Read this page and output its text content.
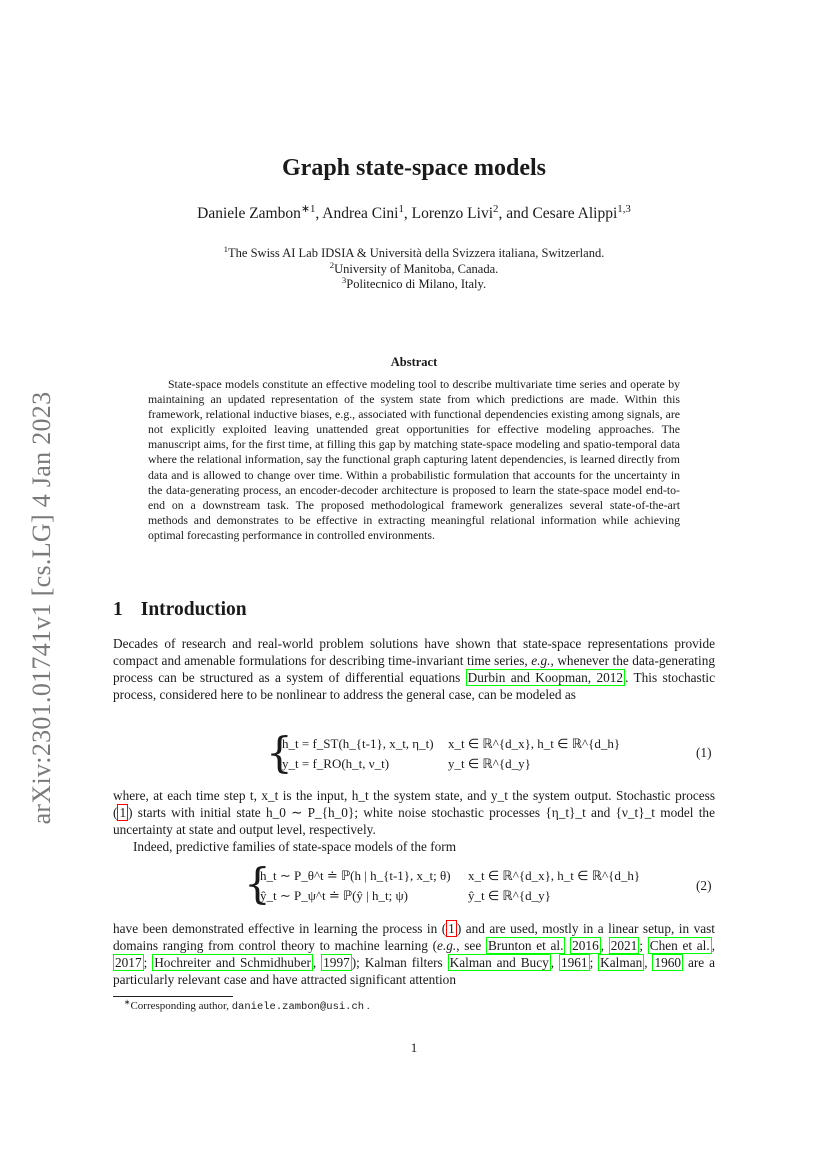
arXiv:2301.01741v1 [cs.LG] 4 Jan 2023
Graph state-space models
Daniele Zambon$^{∗1}$, Andrea Cini$^1$, Lorenzo Livi$^2$, and Cesare Alippi$^{1,3}$
$^1$The Swiss AI Lab IDSIA & Università della Svizzera italiana, Switzerland.
$^2$University of Manitoba, Canada.
$^3$Politecnico di Milano, Italy.
Abstract
State-space models constitute an effective modeling tool to describe multivariate time series and operate by maintaining an updated representation of the system state from which predictions are made. Within this framework, relational inductive biases, e.g., associated with functional dependencies existing among signals, are not explicitly exploited leaving unattended great opportunities for effective modeling approaches. The manuscript aims, for the first time, at filling this gap by matching state-space modeling and spatio-temporal data where the relational information, say the functional graph capturing latent dependencies, is learned directly from data and is allowed to change over time. Within a probabilistic formulation that accounts for the uncertainty in the data-generating process, an encoder-decoder architecture is proposed to learn the state-space model end-to-end on a downstream task. The proposed methodological framework generalizes several state-of-the-art methods and demonstrates to be effective in extracting meaningful relational information while achieving optimal forecasting performance in controlled environments.
1 Introduction
Decades of research and real-world problem solutions have shown that state-space representations provide compact and amenable formulations for describing time-invariant time series, e.g., whenever the data-generating process can be structured as a system of differential equations Durbin and Koopman, 2012 . This stochastic process, considered here to be nonlinear to address the general case, can be modeled as
{
h_t = f_ST(h_{t-1}, x_t, η_t)
y_t = f_RO(h_t, ν_t)
x_t ∈ ℝ^{d_x}, h_t ∈ ℝ^{d_h}
y_t ∈ ℝ^{d_y}
(1)
where, at each time step t, x_t is the input, h_t the system state, and y_t the system output. Stochastic process ( 1 ) starts with initial state h_0 ∼ P_{h_0}; white noise stochastic processes {η_t}_t and {ν_t}_t model the uncertainty at state and output level, respectively.
Indeed, predictive families of state-space models of the form
{
h_t ∼ P_θ^t ≐ ℙ(h | h_{t-1}, x_t; θ)
ŷ_t ∼ P_ψ^t ≐ ℙ(ŷ | h_t; ψ)
x_t ∈ ℝ^{d_x}, h_t ∈ ℝ^{d_h}
ŷ_t ∈ ℝ^{d_y}
(2)
have been demonstrated effective in learning the process in ( 1 ) and are used, mostly in a linear setup, in vast domains ranging from control theory to machine learning (e.g., see Brunton et al. 2016 , 2021 ; Chen et al. , 2017 ; Hochreiter and Schmidhuber , 1997 ); Kalman filters Kalman and Bucy , 1961 ; Kalman , 1960 are a particularly relevant case and have attracted significant attention
∗Corresponding author, daniele.zambon@usi.ch .
1
